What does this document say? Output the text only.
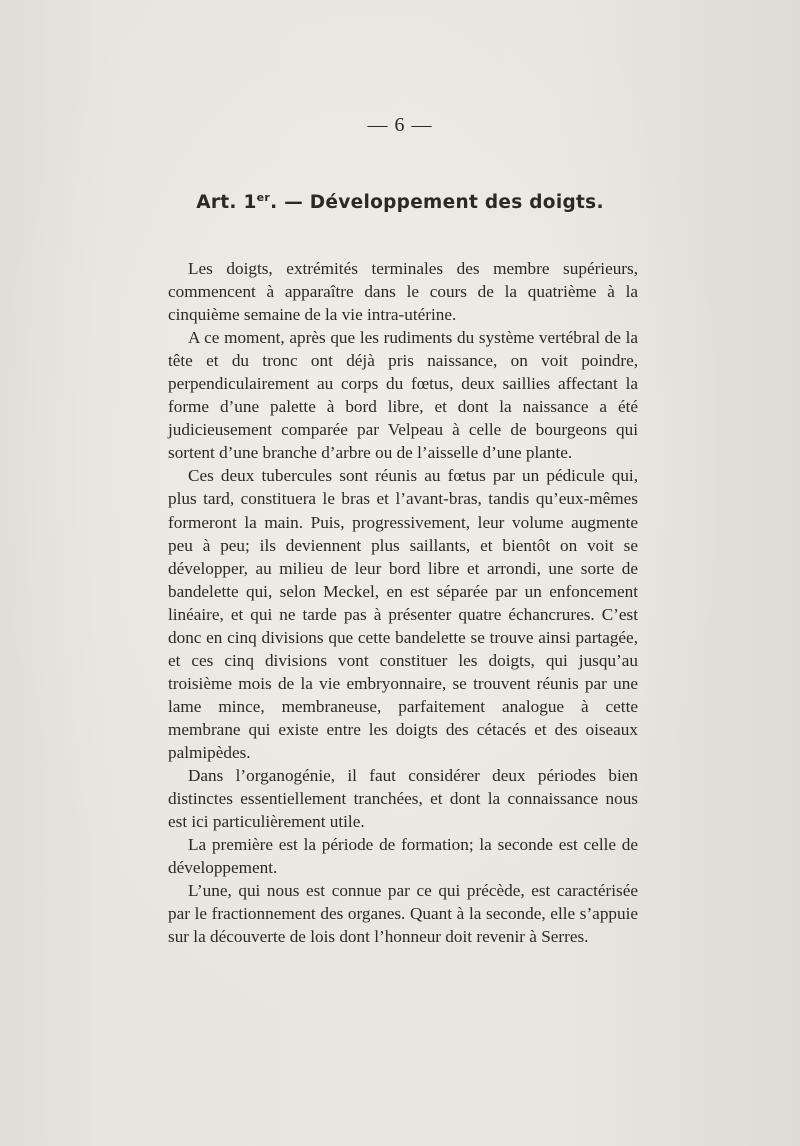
— 6 —
Art. 1er. — Développement des doigts.

Les doigts, extrémités terminales des membre supérieurs, commencent à apparaître dans le cours de la quatrième à la cinquième semaine de la vie intra-utérine.

A ce moment, après que les rudiments du système vertébral de la tête et du tronc ont déjà pris naissance, on voit poindre, perpendiculairement au corps du fœtus, deux saillies affectant la forme d’une palette à bord libre, et dont la naissance a été judicieusement comparée par Velpeau à celle de bourgeons qui sortent d’une branche d’arbre ou de l’aisselle d’une plante.

Ces deux tubercules sont réunis au fœtus par un pédicule qui, plus tard, constituera le bras et l’avant-bras, tandis qu’eux-mêmes formeront la main. Puis, progressivement, leur volume augmente peu à peu; ils deviennent plus saillants, et bientôt on voit se développer, au milieu de leur bord libre et arrondi, une sorte de bandelette qui, selon Meckel, en est séparée par un enfoncement linéaire, et qui ne tarde pas à présenter quatre échancrures. C’est donc en cinq divisions que cette bandelette se trouve ainsi partagée, et ces cinq divisions vont constituer les doigts, qui jusqu’au troisième mois de la vie embryonnaire, se trouvent réunis par une lame mince, membraneuse, parfaitement analogue à cette membrane qui existe entre les doigts des cétacés et des oiseaux palmipèdes.

Dans l’organogénie, il faut considérer deux périodes bien distinctes essentiellement tranchées, et dont la connaissance nous est ici particulièrement utile.

La première est la période de formation; la seconde est celle de développement.

L’une, qui nous est connue par ce qui précède, est caractérisée par le fractionnement des organes. Quant à la seconde, elle s’appuie sur la découverte de lois dont l’honneur doit revenir à Serres.
